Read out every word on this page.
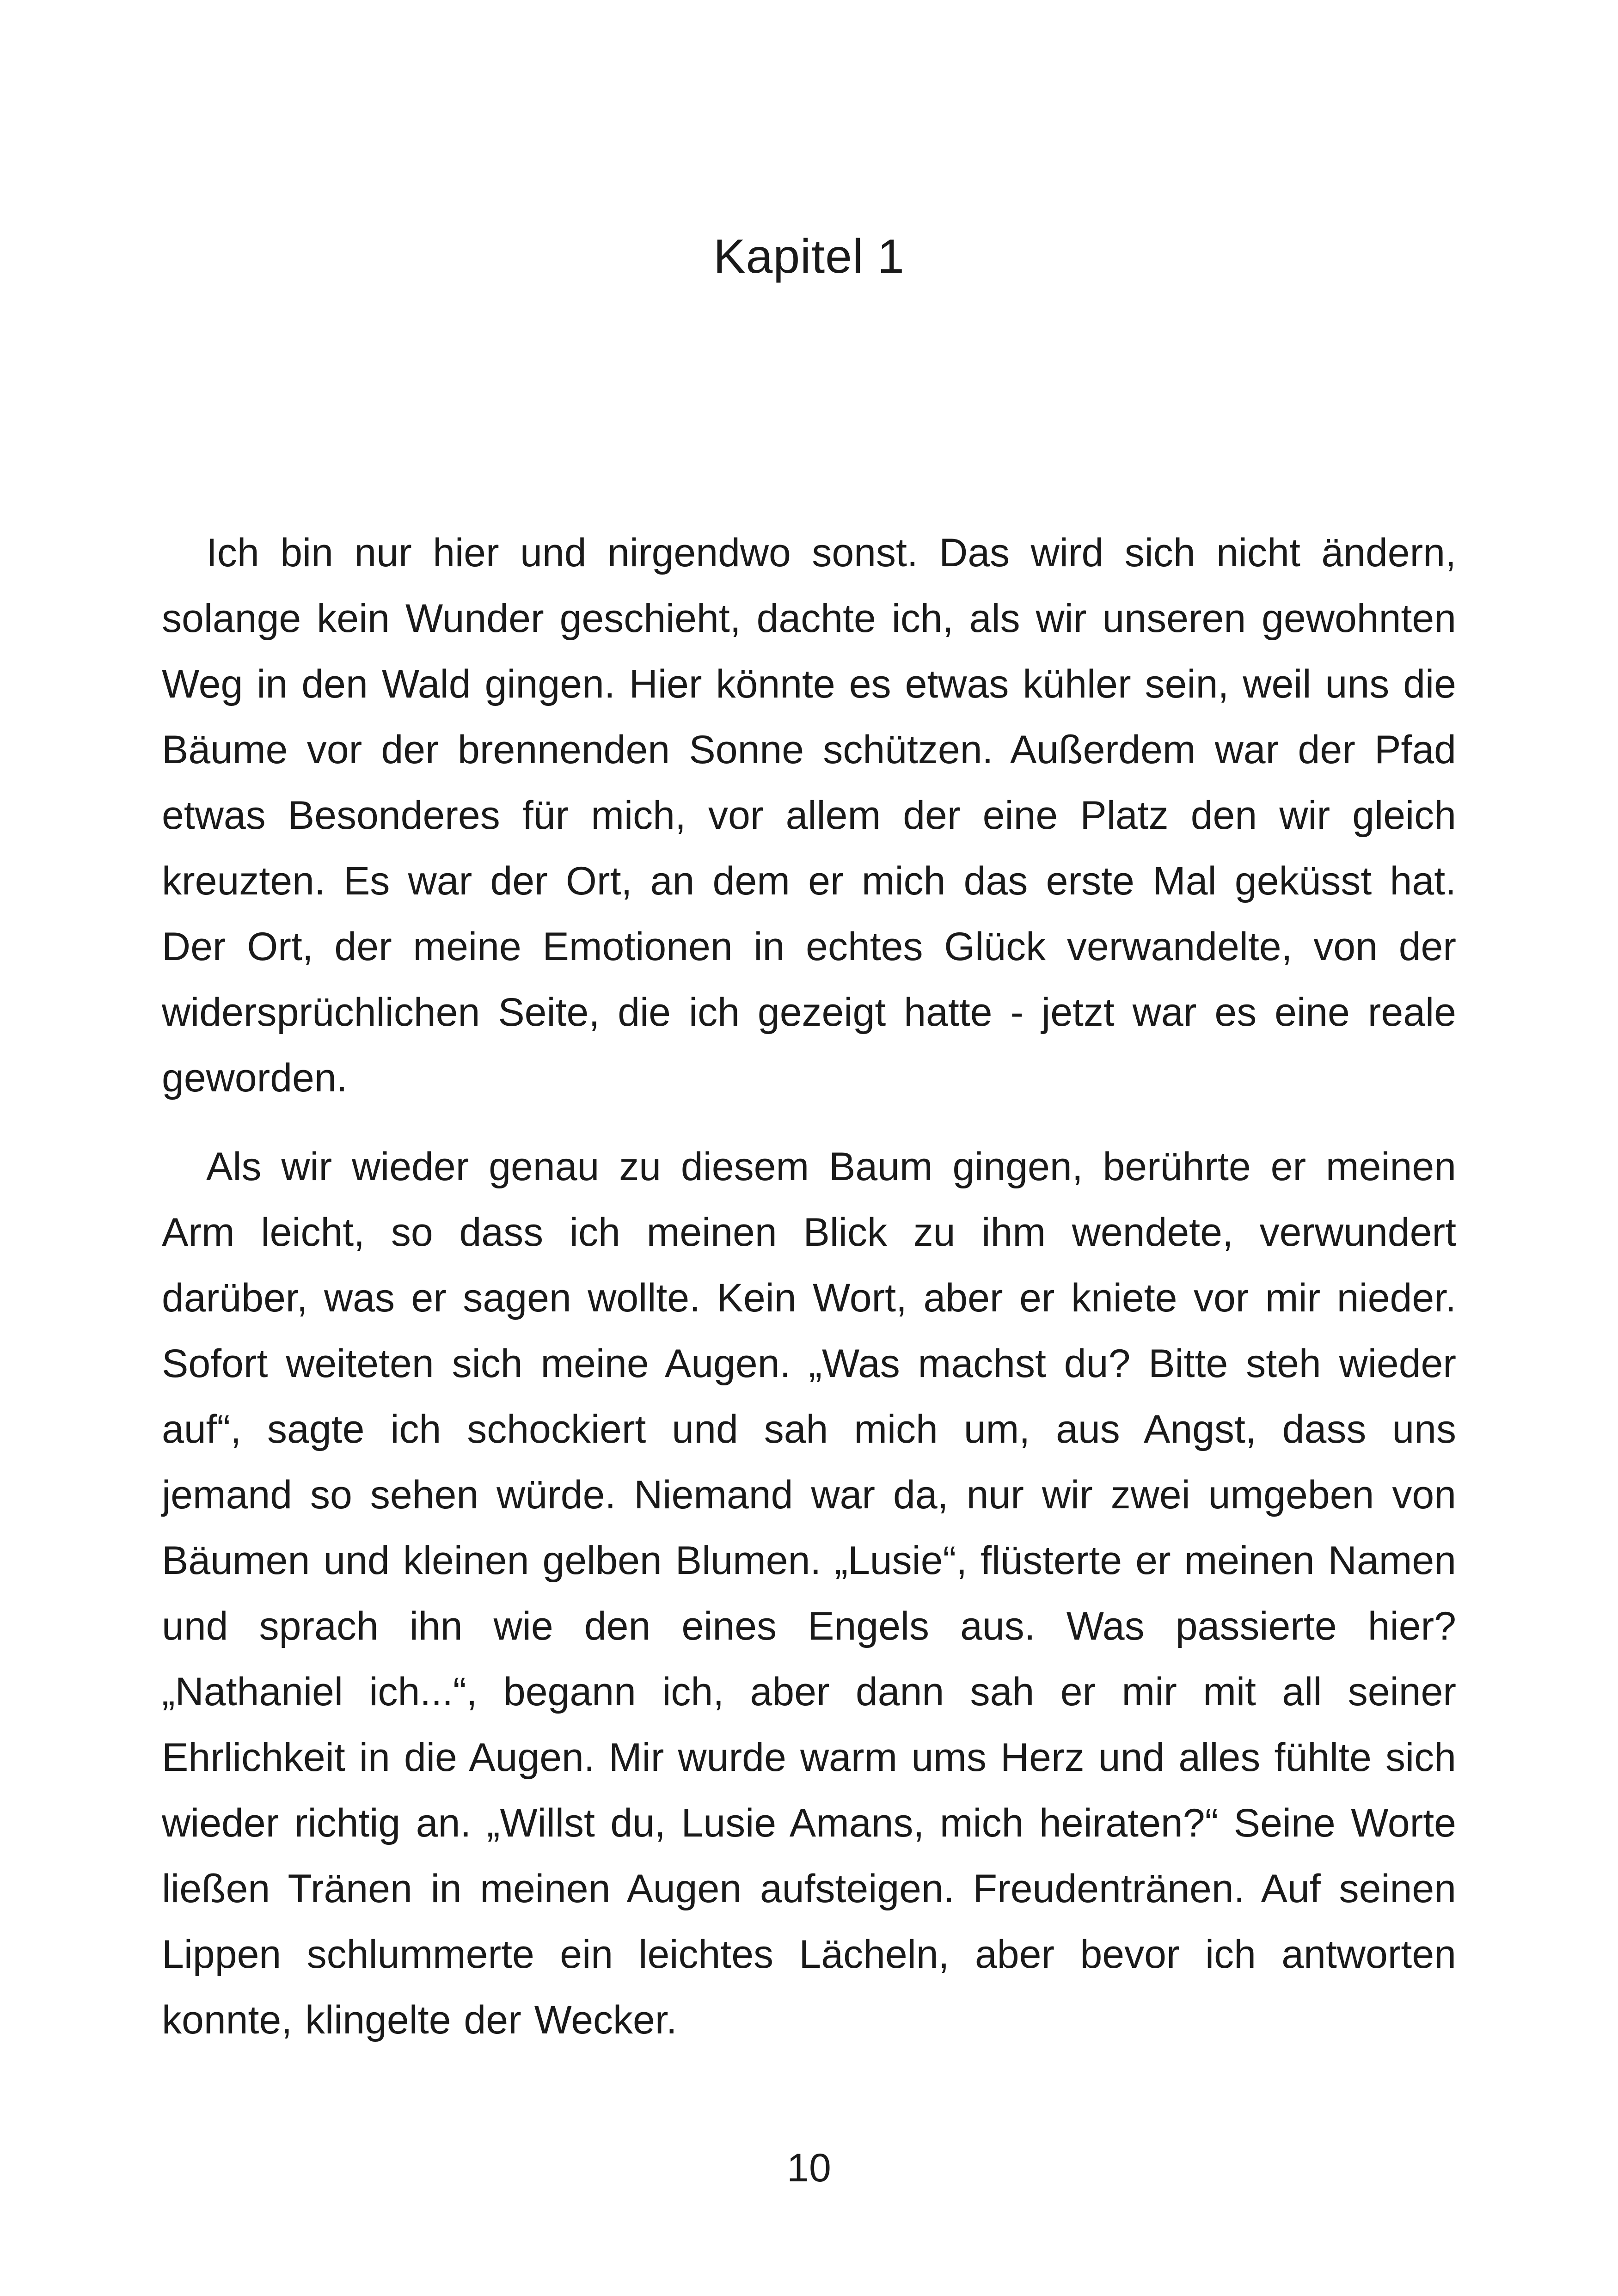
Kapitel 1

Ich bin nur hier und nirgendwo sonst. Das wird sich nicht ändern, solange kein Wunder geschieht, dachte ich, als wir unseren gewohnten Weg in den Wald gingen. Hier könnte es etwas kühler sein, weil uns die Bäume vor der brennenden Sonne schützen. Außerdem war der Pfad etwas Besonderes für mich, vor allem der eine Platz den wir gleich kreuzten. Es war der Ort, an dem er mich das erste Mal geküsst hat. Der Ort, der meine Emotionen in echtes Glück verwandelte, von der widersprüchlichen Seite, die ich gezeigt hatte - jetzt war es eine reale geworden.

Als wir wieder genau zu diesem Baum gingen, berührte er meinen Arm leicht, so dass ich meinen Blick zu ihm wendete, verwundert darüber, was er sagen wollte. Kein Wort, aber er kniete vor mir nieder. Sofort weiteten sich meine Augen. „Was machst du? Bitte steh wieder auf“, sagte ich schockiert und sah mich um, aus Angst, dass uns jemand so sehen würde. Niemand war da, nur wir zwei umgeben von Bäumen und kleinen gelben Blumen. „Lusie“, flüsterte er meinen Namen und sprach ihn wie den eines Engels aus. Was passierte hier? „Nathaniel ich...“, begann ich, aber dann sah er mir mit all seiner Ehrlichkeit in die Augen. Mir wurde warm ums Herz und alles fühlte sich wieder richtig an. „Willst du, Lusie Amans, mich heiraten?“ Seine Worte ließen Tränen in meinen Augen aufsteigen. Freudentränen. Auf seinen Lippen schlummerte ein leichtes Lächeln, aber bevor ich antworten konnte, klingelte der Wecker.

10
